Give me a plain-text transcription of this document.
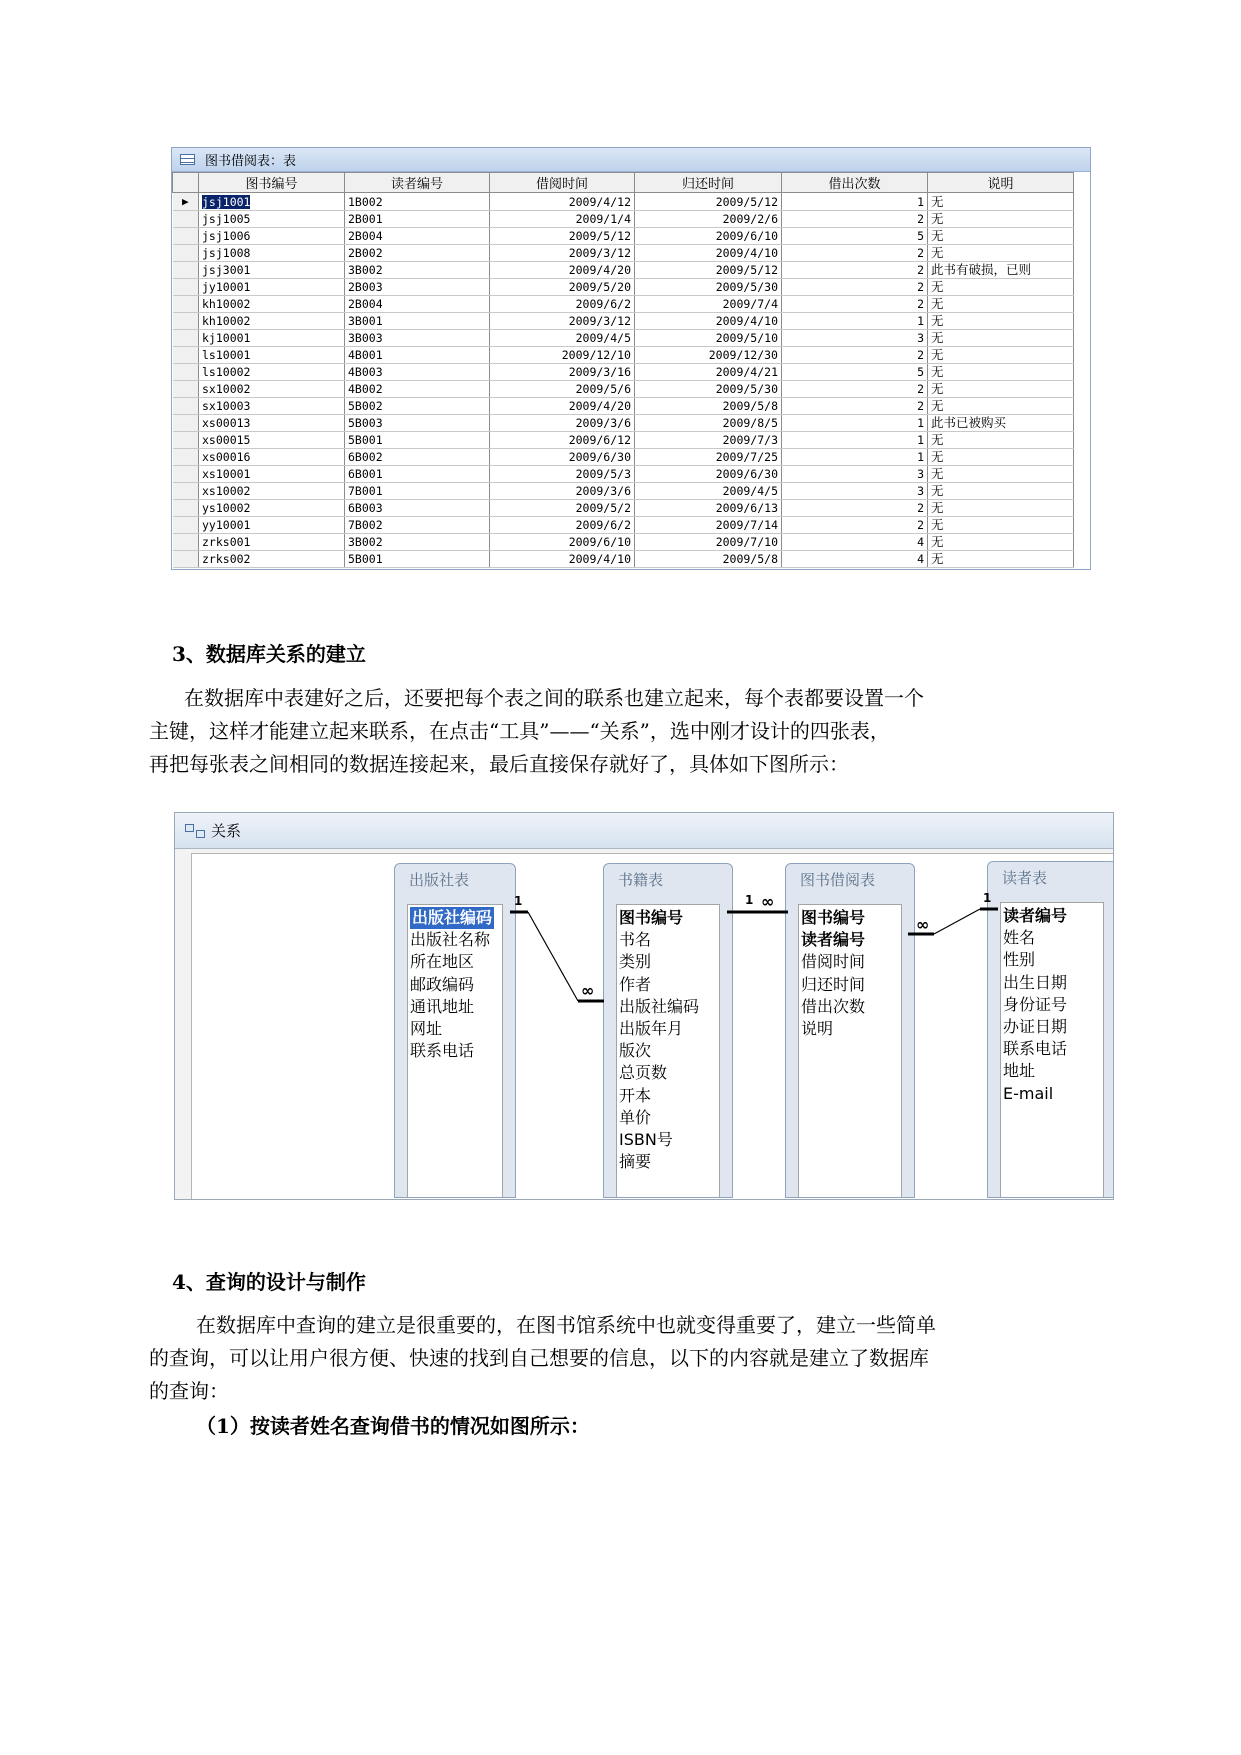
图书借阅表：表
	图书编号	读者编号	借阅时间	归还时间	借出次数	说明
▶	jsj1001	1B002	2009/4/12	2009/5/12	1	无
	jsj1005	2B001	2009/1/4	2009/2/6	2	无
	jsj1006	2B004	2009/5/12	2009/6/10	5	无
	jsj1008	2B002	2009/3/12	2009/4/10	2	无
	jsj3001	3B002	2009/4/20	2009/5/12	2	此书有破损，已则
	jy10001	2B003	2009/5/20	2009/5/30	2	无
	kh10002	2B004	2009/6/2	2009/7/4	2	无
	kh10002	3B001	2009/3/12	2009/4/10	1	无
	kj10001	3B003	2009/4/5	2009/5/10	3	无
	ls10001	4B001	2009/12/10	2009/12/30	2	无
	ls10002	4B003	2009/3/16	2009/4/21	5	无
	sx10002	4B002	2009/5/6	2009/5/30	2	无
	sx10003	5B002	2009/4/20	2009/5/8	2	无
	xs00013	5B003	2009/3/6	2009/8/5	1	此书已被购买
	xs00015	5B001	2009/6/12	2009/7/3	1	无
	xs00016	6B002	2009/6/30	2009/7/25	1	无
	xs10001	6B001	2009/5/3	2009/6/30	3	无
	xs10002	7B001	2009/3/6	2009/4/5	3	无
	ys10002	6B003	2009/5/2	2009/6/13	2	无
	yy10001	7B002	2009/6/2	2009/7/14	2	无
	zrks001	3B002	2009/6/10	2009/7/10	4	无
	zrks002	5B001	2009/4/10	2009/5/8	4	无
3、数据库关系的建立
在数据库中表建好之后，还要把每个表之间的联系也建立起来，每个表都要设置一个
主键，这样才能建立起来联系，在点击“工具”——“关系”，选中刚才设计的四张表，
再把每张表之间相同的数据连接起来，最后直接保存就好了，具体如下图所示：
关系
出版社表
出版社编码
出版社名称
所在地区
邮政编码
通讯地址
网址
联系电话
书籍表
图书编号
书名
类别
作者
出版社编码
出版年月
版次
总页数
开本
单价
ISBN号
摘要
图书借阅表
图书编号
读者编号
借阅时间
归还时间
借出次数
说明
读者表
读者编号
姓名
性别
出生日期
身份证号
办证日期
联系电话
地址
E-mail
1
∞
1 ∞
∞
1
4、查询的设计与制作
在数据库中查询的建立是很重要的，在图书馆系统中也就变得重要了，建立一些简单
的查询，可以让用户很方便、快速的找到自己想要的信息，以下的内容就是建立了数据库
的查询：
（1）按读者姓名查询借书的情况如图所示：
